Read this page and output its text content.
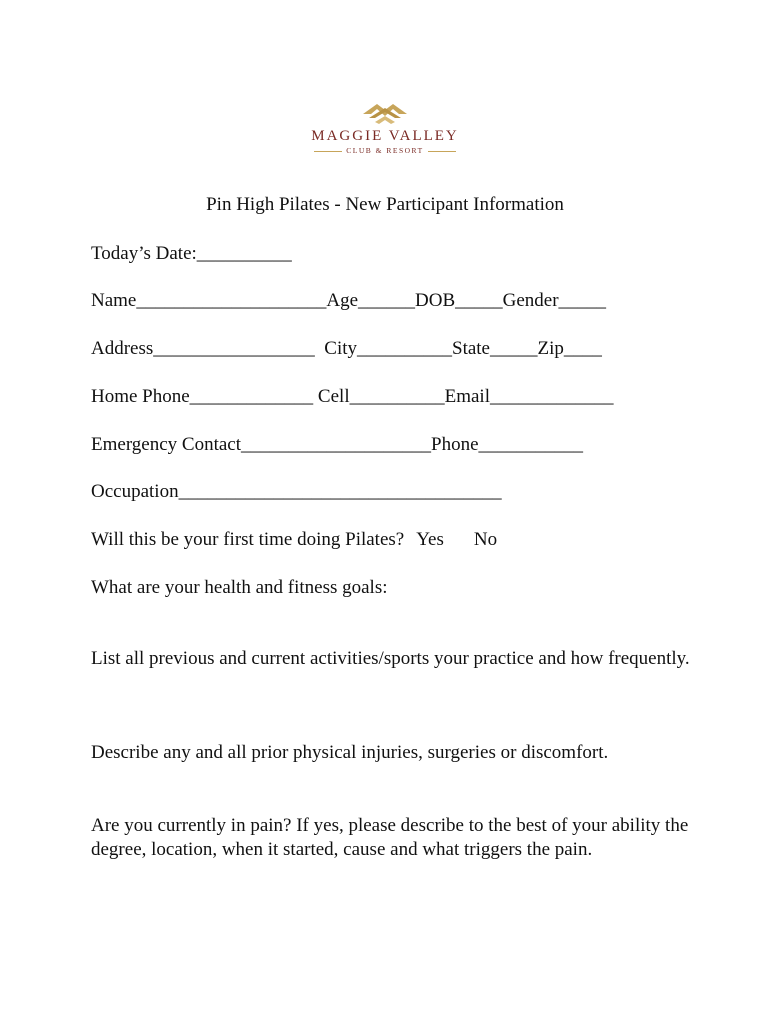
MAGGIE VALLEY
CLUB & RESORT
Pin High Pilates - New Participant Information
Today’s Date:__________
Name____________________Age______DOB_____Gender_____
Address_________________  City__________State_____Zip____
Home Phone_____________ Cell__________Email_____________
Emergency Contact____________________Phone___________
Occupation__________________________________
Will this be your first time doing Pilates? Yes No
What are your health and fitness goals:
List all previous and current activities/sports your practice and how frequently.
Describe any and all prior physical injuries, surgeries or discomfort.
Are you currently in pain? If yes, please describe to the best of your ability the degree, location, when it started, cause and what triggers the pain.
